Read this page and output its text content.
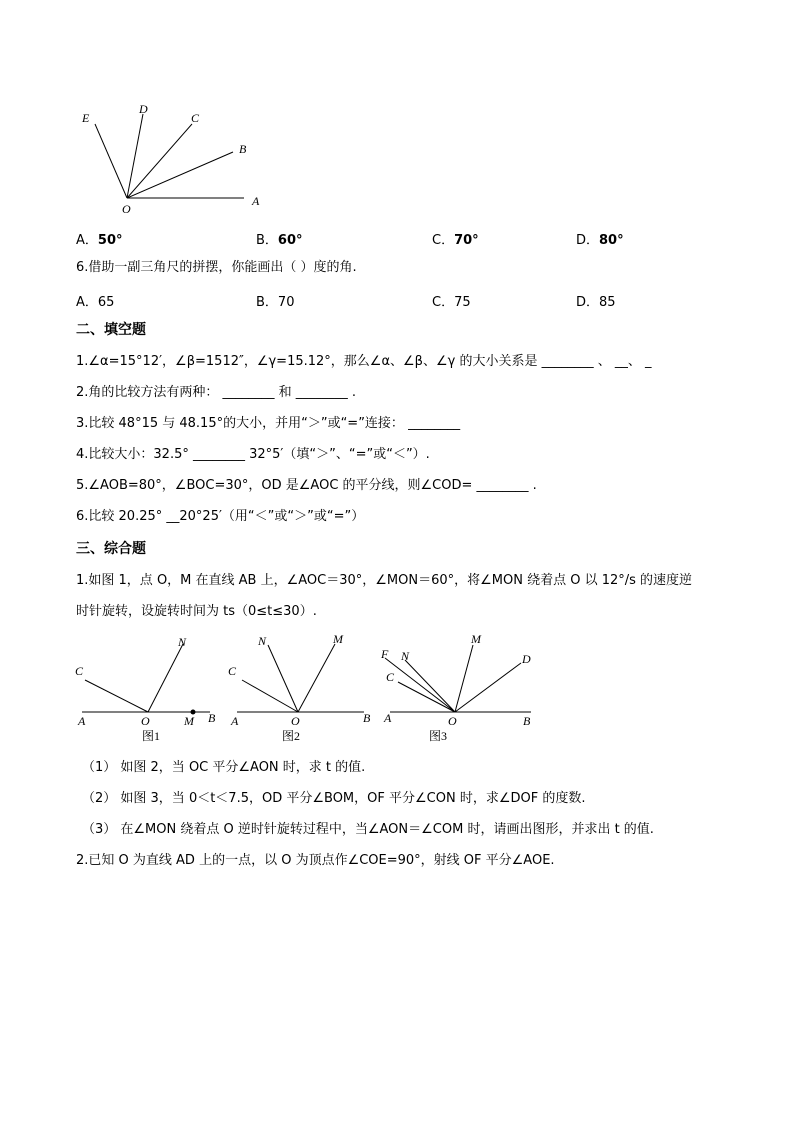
E
D
C
B
O
A
A．50°	B．60°	C．70°	D．80°
6.借助一副三角尺的拼摆，你能画出（ ）度的角.
A．65	B．70	C．75	D．85
二、填空题
1.∠α=15°12′，∠β=1512″，∠γ=15.12°，那么∠α、∠β、∠γ 的大小关系是 ________ 、 __、 _
2.角的比较方法有两种： ________ 和 ________ .
3.比较 48°15 与 48.15°的大小，并用“＞”或“=”连接： ________
4.比较大小：32.5° ________ 32°5′（填“＞”、“=”或“＜”）.
5.∠AOB=80°，∠BOC=30°，OD 是∠AOC 的平分线，则∠COD= ________ .
6.比较 20.25° __20°25′（用“＜”或“＞”或“=”）
三、综合题
1.如图 1，点 O，M 在直线 AB 上，∠AOC＝30°，∠MON＝60°，将∠MON 绕着点 O 以 12°/s 的速度逆
时针旋转，设旋转时间为 ts（0≤t≤30）.
C
N
A	O	M B
图1
C
N	M
A	O	B
图2
F N
C
M
D
A	O	B
图3
（1） 如图 2，当 OC 平分∠AON 时，求 t 的值.
（2） 如图 3，当 0＜t＜7.5，OD 平分∠BOM，OF 平分∠CON 时，求∠DOF 的度数.
（3） 在∠MON 绕着点 O 逆时针旋转过程中，当∠AON＝∠COM 时，请画出图形，并求出 t 的值.
2.已知 O 为直线 AD 上的一点，以 O 为顶点作∠COE=90°，射线 OF 平分∠AOE.
